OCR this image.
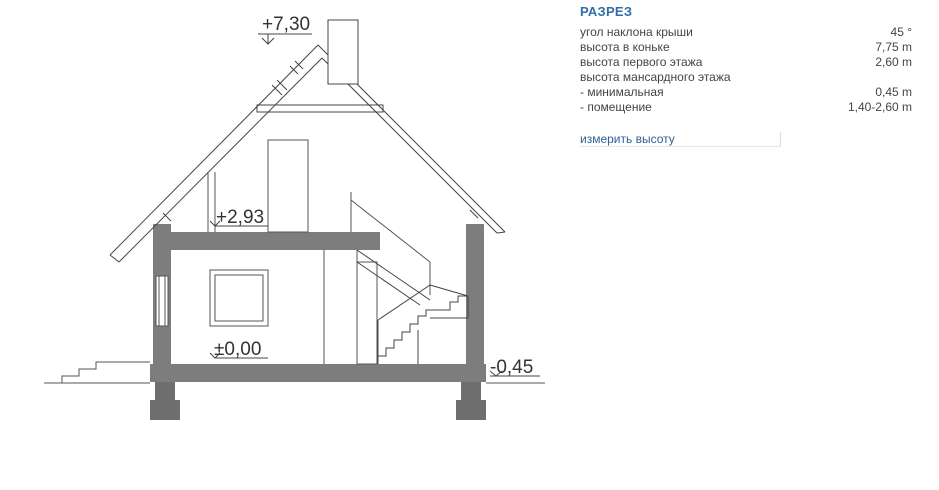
+7,30
+2,93
±0,00
-0,45
РАЗРЕЗ
угол наклона крыши	45 °
высота в коньке	7,75 m
высота первого этажа	2,60 m
высота мансардного этажа
- минимальная	0,45 m
- помещение	1,40-2,60 m
измерить высоту
